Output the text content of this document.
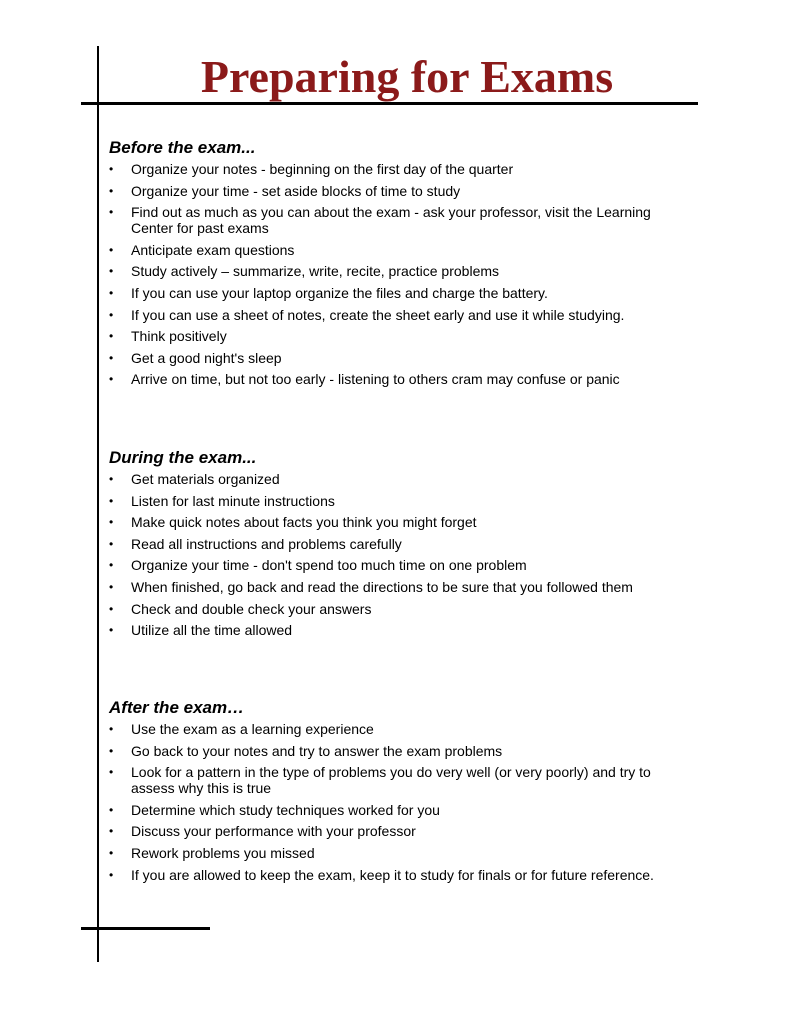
Preparing for Exams
Before the exam...
• Organize your notes - beginning on the first day of the quarter
• Organize your time - set aside blocks of time to study
• Find out as much as you can about the exam - ask your professor, visit the Learning Center for past exams
• Anticipate exam questions
• Study actively – summarize, write, recite, practice problems
• If you can use your laptop organize the files and charge the battery.
• If you can use a sheet of notes, create the sheet early and use it while studying.
• Think positively
• Get a good night's sleep
• Arrive on time, but not too early - listening to others cram may confuse or panic
During the exam...
• Get materials organized
• Listen for last minute instructions
• Make quick notes about facts you think you might forget
• Read all instructions and problems carefully
• Organize your time - don't spend too much time on one problem
• When finished, go back and read the directions to be sure that you followed them
• Check and double check your answers
• Utilize all the time allowed
After the exam…
• Use the exam as a learning experience
• Go back to your notes and try to answer the exam problems
• Look for a pattern in the type of problems you do very well (or very poorly) and try to assess why this is true
• Determine which study techniques worked for you
• Discuss your performance with your professor
• Rework problems you missed
• If you are allowed to keep the exam, keep it to study for finals or for future reference.
